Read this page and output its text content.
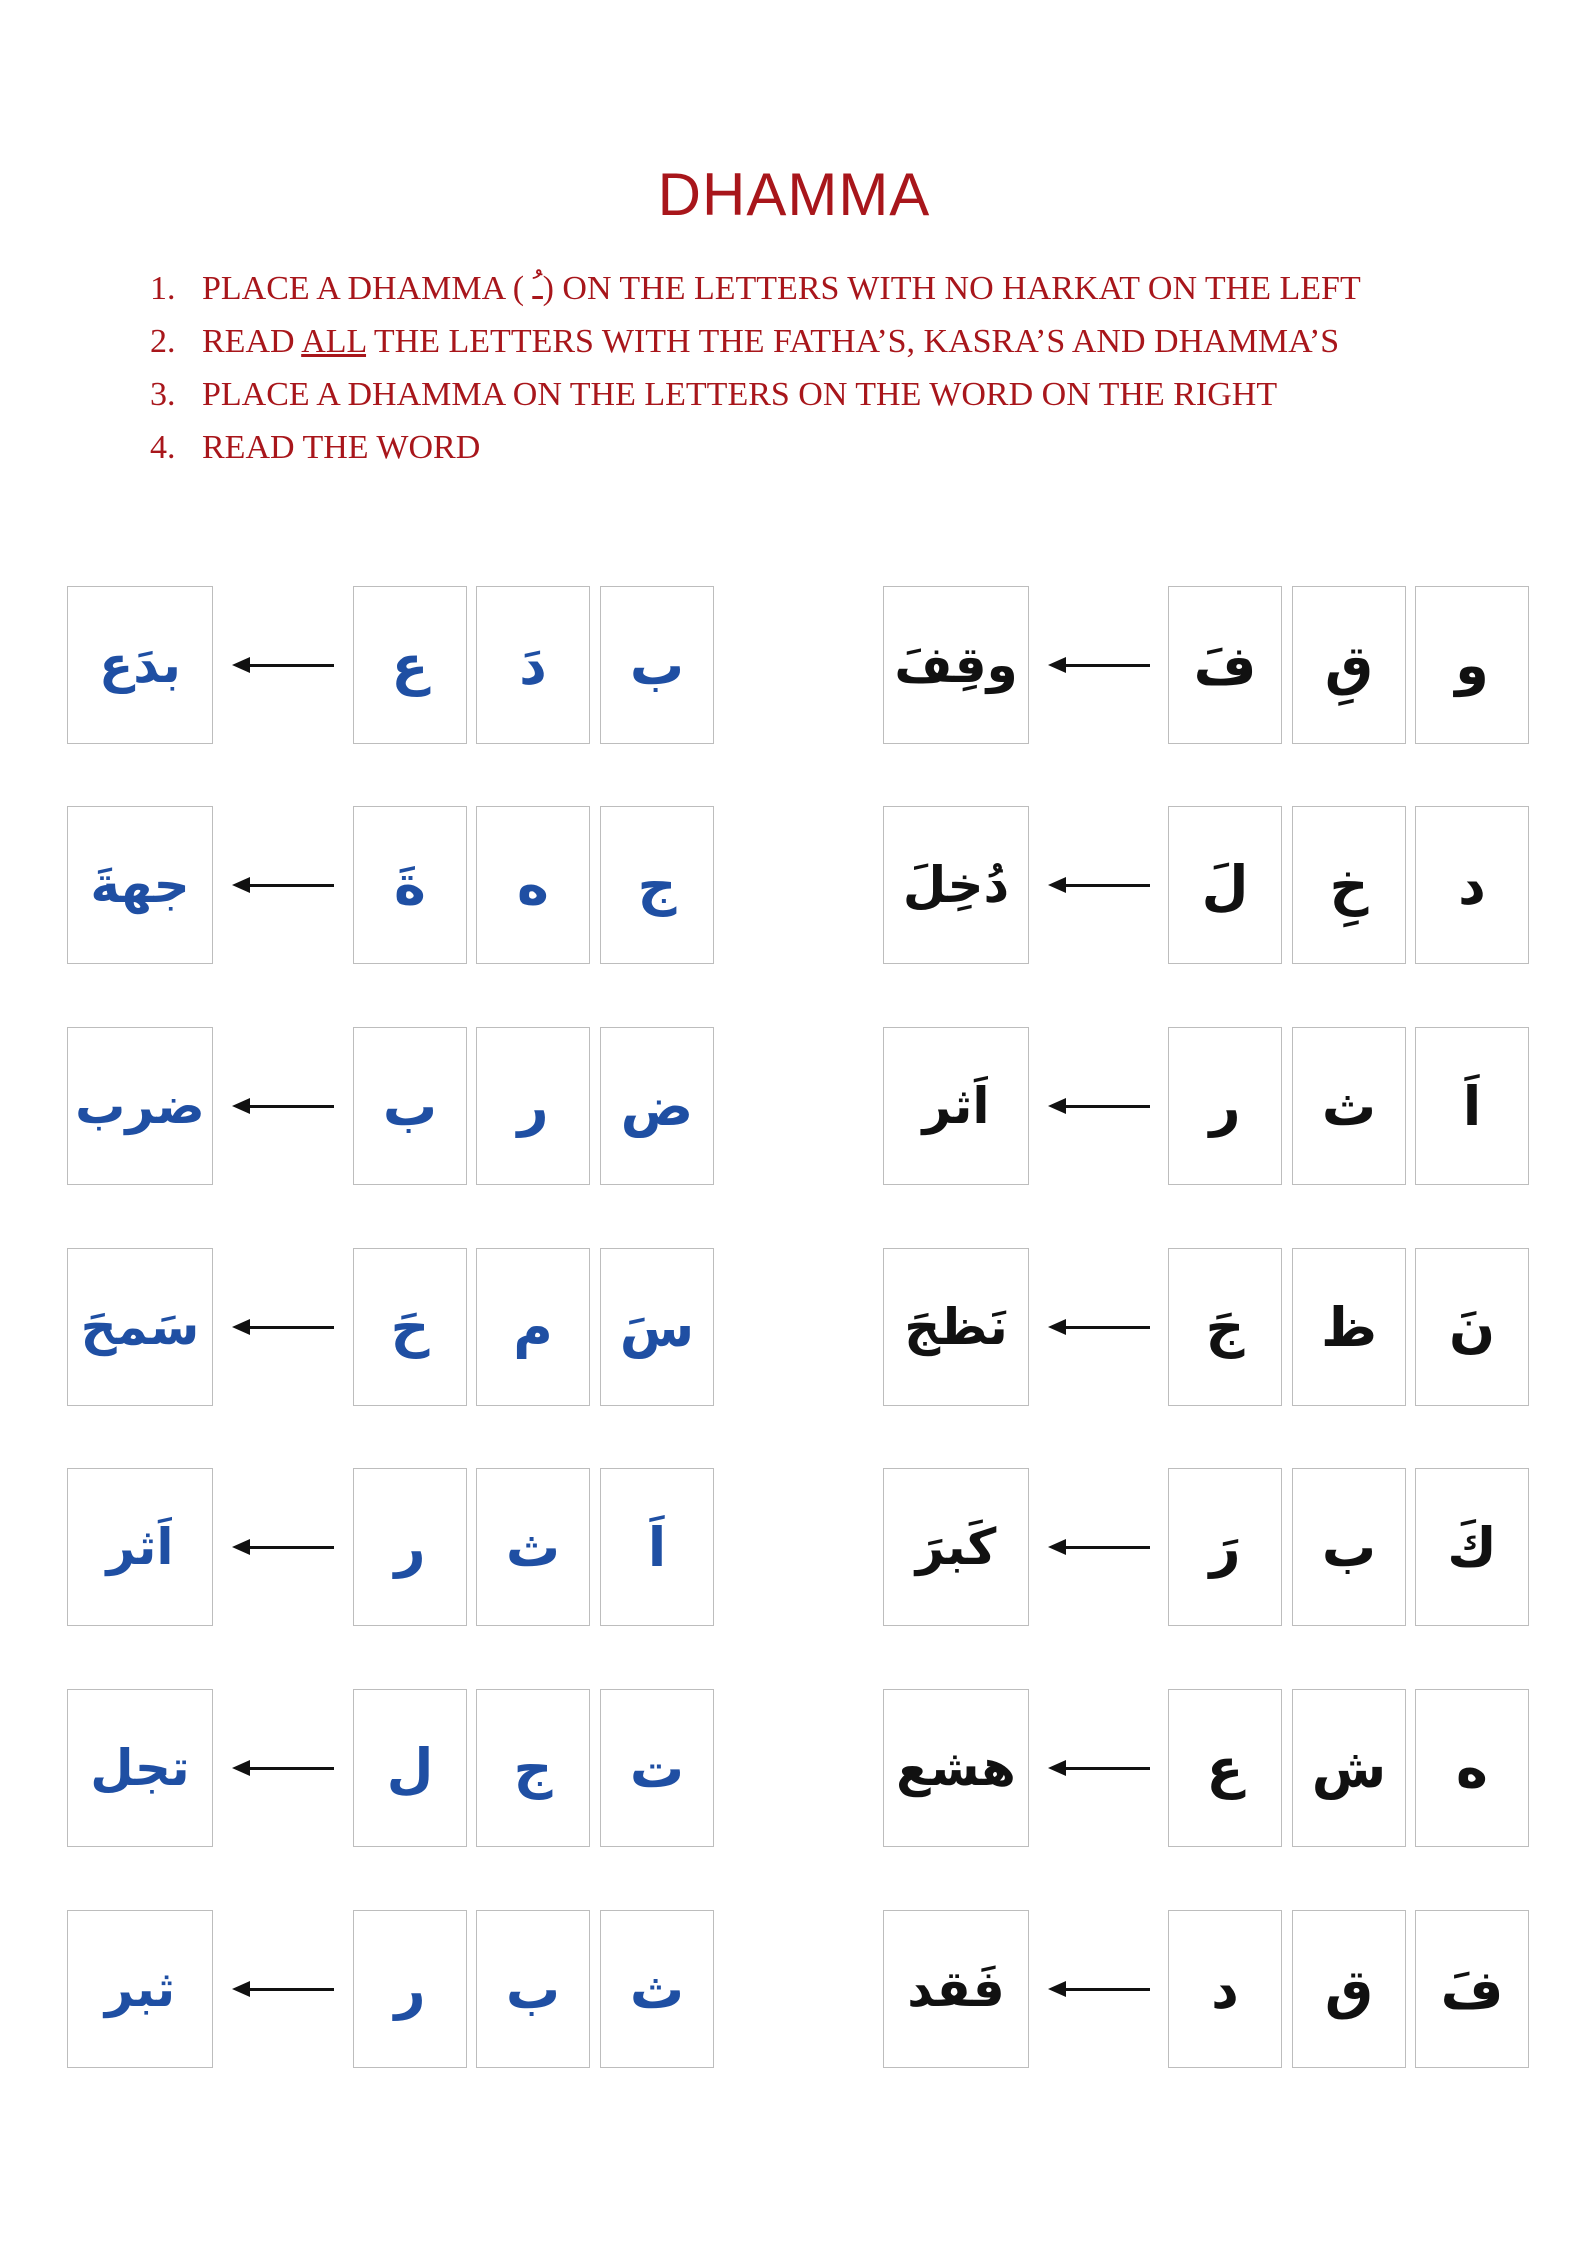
DHAMMA
1. PLACE A DHAMMA ( ـُ) ON THE LETTERS WITH NO HARKAT ON THE LEFT
2. READ ALL THE LETTERS WITH THE FATHA’S, KASRA’S AND DHAMMA’S
3. PLACE A DHAMMA ON THE LETTERS ON THE WORD ON THE RIGHT
4. READ THE WORD
ب
دَ
ع
بدَع
ج
ه
ةَ
جهةَ
ض
ر
ب
ضرب
سَ
م
حَ
سَمحَ
اَ
ث
ر
اَثر
ت
ج
ل
تجل
ث
ب
ر
ثبر
و
قِ
فَ
وقِفَ
د
خِ
لَ
دُخِلَ
اَ
ث
ر
اَثر
نَ
ظ
جَ
نَظجَ
كَ
ب
رَ
كَبرَ
ه
ش
ع
هشع
فَ
ق
د
فَقد
